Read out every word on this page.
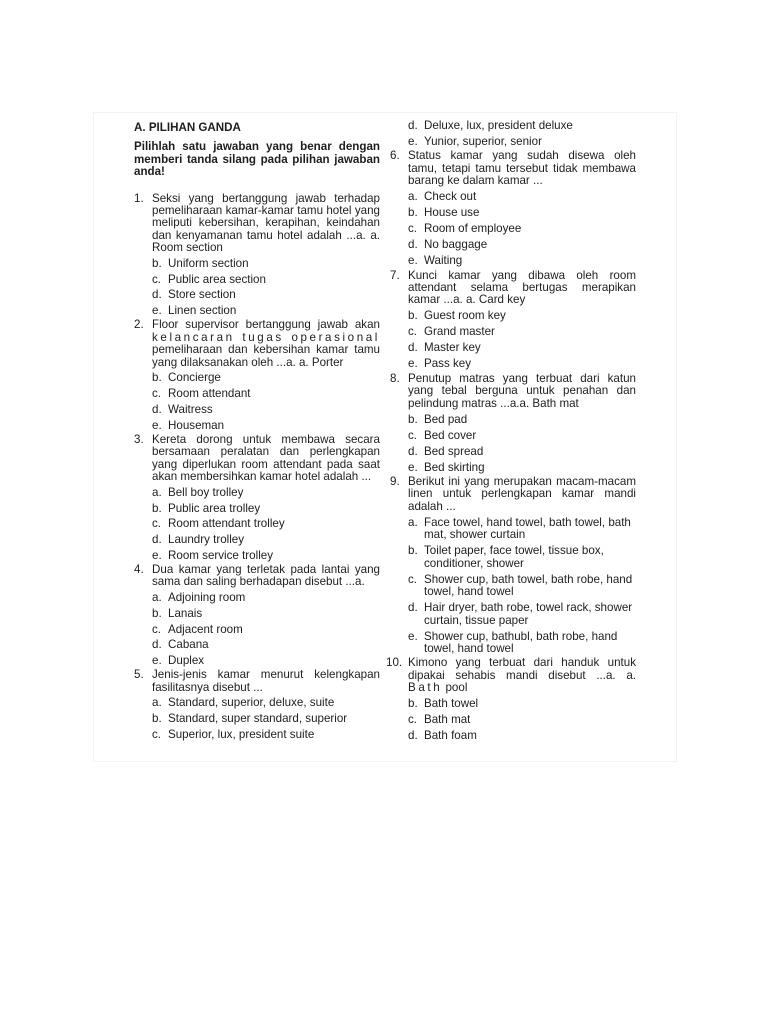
A. PILIHAN GANDA
Pilihlah satu jawaban yang benar dengan memberi tanda silang pada pilihan jawaban anda!
1. Seksi yang bertanggung jawab terhadap pemeliharaan kamar-kamar tamu hotel yang meliputi kebersihan, kerapihan, keindahan dan kenyamanan tamu hotel adalah ...a. a. Room section
b. Uniform section
c. Public area section
d. Store section
e. Linen section
2. Floor supervisor bertanggung jawab akan kelancaran tugas operasional pemeliharaan dan kebersihan kamar tamu yang dilaksanakan oleh ...a. a. Porter
b. Concierge
c. Room attendant
d. Waitress
e. Houseman
3. Kereta dorong untuk membawa secara bersamaan peralatan dan perlengkapan yang diperlukan room attendant pada saat akan membersihkan kamar hotel adalah ...
a. Bell boy trolley
b. Public area trolley
c. Room attendant trolley
d. Laundry trolley
e. Room service trolley
4. Dua kamar yang terletak pada lantai yang sama dan saling berhadapan disebut ...a.
a. Adjoining room
b. Lanais
c. Adjacent room
d. Cabana
e. Duplex
5. Jenis-jenis kamar menurut kelengkapan fasilitasnya disebut ...
a. Standard, superior, deluxe, suite
b. Standard, super standard, superior
c. Superior, lux, president suite
d. Deluxe, lux, president deluxe
e. Yunior, superior, senior
6. Status kamar yang sudah disewa oleh tamu, tetapi tamu tersebut tidak membawa barang ke dalam kamar ...
a. Check out
b. House use
c. Room of employee
d. No baggage
e. Waiting
7. Kunci kamar yang dibawa oleh room attendant selama bertugas merapikan kamar ...a. a. Card key
b. Guest room key
c. Grand master
d. Master key
e. Pass key
8. Penutup matras yang terbuat dari katun yang tebal berguna untuk penahan dan pelindung matras ...a.a. Bath mat
b. Bed pad
c. Bed cover
d. Bed spread
e. Bed skirting
9. Berikut ini yang merupakan macam-macam linen untuk perlengkapan kamar mandi adalah ...
a. Face towel, hand towel, bath towel, bath mat, shower curtain
b. Toilet paper, face towel, tissue box, conditioner, shower
c. Shower cup, bath towel, bath robe, hand towel, hand towel
d. Hair dryer, bath robe, towel rack, shower curtain, tissue paper
e. Shower cup, bathubl, bath robe, hand towel, hand towel
10. Kimono yang terbuat dari handuk untuk dipakai sehabis mandi disebut ...a. a. Bath pool
b. Bath towel
c. Bath mat
d. Bath foam
